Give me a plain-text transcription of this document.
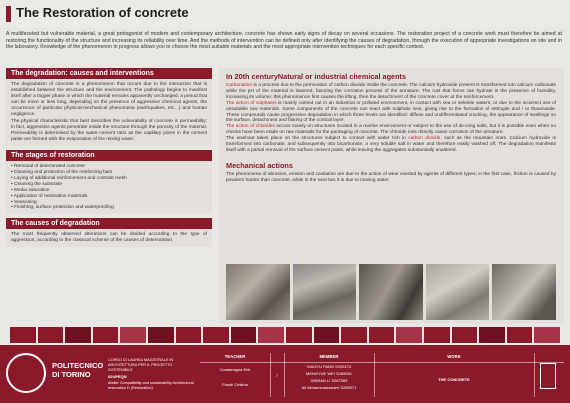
The Restoration of concrete
A multifaceted but vulnerable material, a great protagonist of modern and contemporary architecture, concrete has shown early signs of decay on several occasions. The restoration project of a concrete work must therefore be aimed at restoring the functionality of the structure and increasing its reliability over time. And the methods of intervention can be defined only after identifying the causes of degradation, through the execution of appropriate investigations on site and in the laboratory. Knowledge of the phenomenon in progress allows you to choose the most suitable materials and the most appropriate intervention techniques for each specific context.
The degradation: causes and interventions
The degradation of concrete is a phenomenon that occurs due to the interaction that is established between the structure and the environment. The pathology begins to manifest itself after a trigger phase in which the material remains apparently unchanged, a period that can be more or less long, depending on the presence of aggressive chemical agents, the occurrence of particular physical-mechanical phenomena (earthquakes, etc. .) and human negligence.
The physical characteristic that best describes the vulnerability of concrete is permeability; in fact, aggressive agents penetrate inside the structure through the porosity of the material. Permeability is determined by the water-cement ratio as the capillary pores in the cement paste are formed with the evaporation of the mixing water.
The stages of restoration
• Removal of deteriorated concrete
• Cleaning and protection of the reinforcing bars
• Laying of additional reinforcement and contrast mesh
• Cleaning the substrate
• Media saturation
• Application of restoration materials
• Seasoning
• Finishing, surface protection and waterproofing
The causes of degradation
The most frequently observed alterations can be divided according to the type of aggression, according to the classical scheme of the causes of deterioration.
In 20th centuryNatural or industrial chemical agents
Carbonation is a process due to the permeation of carbon dioxide inside the concrete. The calcium hydroxide present is transformed into calcium carbonate while the pH of the material is lowered, favoring the corrosion process of the armature. The rust that forms can hydrate in the presence of humidity, increasing its volume; this phenomenon first causes the lifting, then the detachment of the concrete cover at the reinforcement.
The action of sulphates is mainly carried out in an industrial or polluted environment, in contact with sea or selenite waters, or due to the incorrect use of unsuitable raw materials. Some components of the concrete can react with sulphate ions, giving rise to the formation of ettringite and / or thaumasite. These compounds cause progressive degradation in which three levels are identified: diffuse and undifferentiated cracking, the appearance of swellings on the surface, detachment and flaking of the cortical layer.
The action of chlorides occurs mainly on structures located in a marine environment or subject to the use of de-icing salts, but it is possible even when no checks have been made on raw materials for the packaging of concrete. The chloride ions directly cause corrosion of the armature.
The washout takes place on the structures subject to contact with water rich in carbon dioxide, such as the mountain ones. Calcium hydroxide is transformed into carbonate, and subsequently into bicarbonate, a very soluble salt in water and therefore easily washed off. The degradation manifests itself with a partial removal of the surface cement paste, while leaving the aggregates substantially unaltered.
Mechanical actions
The phenomena of abrasion, erosion and cavitation are due to the action of wear exerted by agents of different types; in the first case, friction is caused by powders harder than concrete, while in the next two it is due to moving water.
POLITECNICO
DI TORINO
CORSO DI LAUREA MAGISTRALE IN ARCHITETTURA PER IL PROGETTO SOSTENIBILE
02UPEQN
Atelier Compatibility and sustainability Architectural restoration D (Restoration)
TEACHER	MEMBER	WORK
Costamagna Erik
Fiandi Cristina
7
XIAOYU FANG S295174
MENGYUE WEI S289051
XINRAN LI S287383
Ali Mohammadzadeh S289571
THE CONCRETE
